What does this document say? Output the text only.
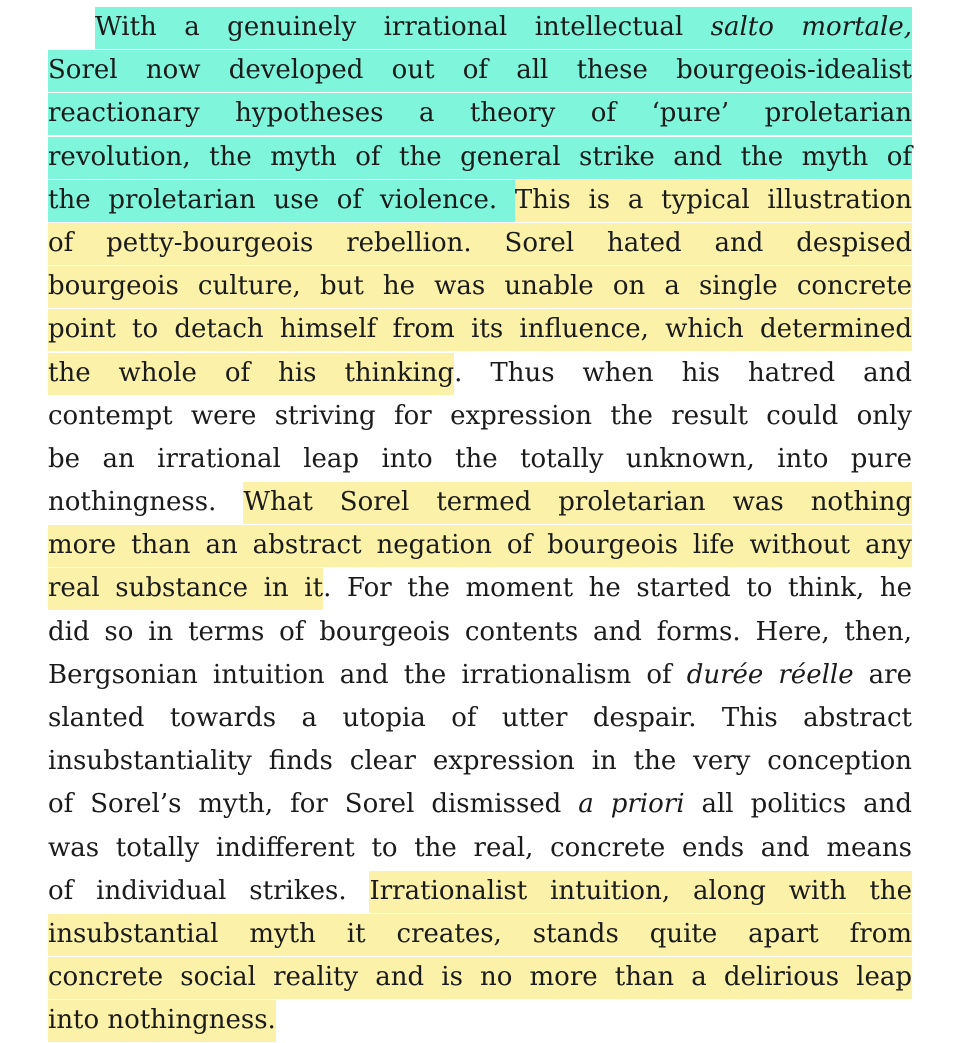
With a genuinely irrational intellectual salto mortale,
Sorel now developed out of all these bourgeois-idealist
reactionary hypotheses a theory of ‘pure’ proletarian
revolution, the myth of the general strike and the myth of
the proletarian use of violence. This is a typical illustration
of petty-bourgeois rebellion. Sorel hated and despised
bourgeois culture, but he was unable on a single concrete
point to detach himself from its influence, which determined
the whole of his thinking. Thus when his hatred and
contempt were striving for expression the result could only
be an irrational leap into the totally unknown, into pure
nothingness. What Sorel termed proletarian was nothing
more than an abstract negation of bourgeois life without any
real substance in it. For the moment he started to think, he
did so in terms of bourgeois contents and forms. Here, then,
Bergsonian intuition and the irrationalism of durée réelle are
slanted towards a utopia of utter despair. This abstract
insubstantiality finds clear expression in the very conception
of Sorel’s myth, for Sorel dismissed a priori all politics and
was totally indifferent to the real, concrete ends and means
of individual strikes. Irrationalist intuition, along with the
insubstantial myth it creates, stands quite apart from
concrete social reality and is no more than a delirious leap
into nothingness.
